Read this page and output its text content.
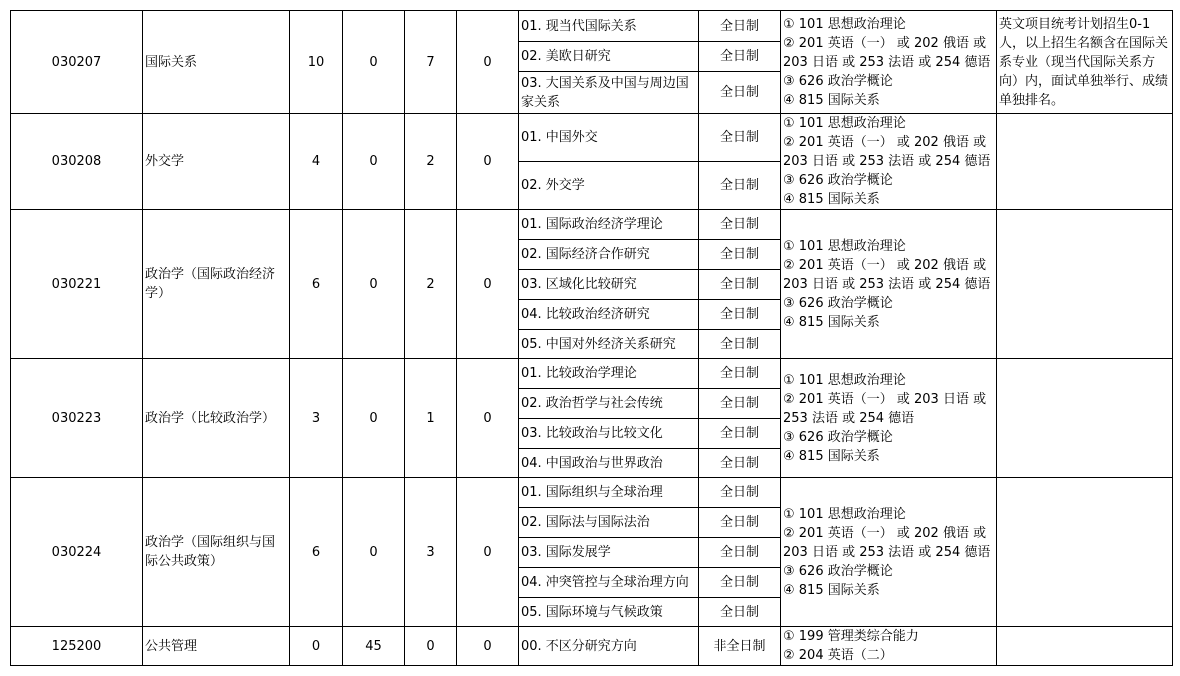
030207	国际关系	10	0	7	0	01. 现当代国际关系	全日制	① 101 思想政治理论
② 201 英语（一） 或 202 俄语 或
203 日语 或 253 法语 或 254 德语
③ 626 政治学概论
④ 815 国际关系	英文项目统考计划招生0-1人，以上招生名额含在国际关系专业（现当代国际关系方向）内，面试单独举行、成绩单独排名。
						02. 美欧日研究	全日制		
						03. 大国关系及中国与周边国家关系	全日制		
030208	外交学	4	0	2	0	01. 中国外交	全日制	① 101 思想政治理论
② 201 英语（一） 或 202 俄语 或
203 日语 或 253 法语 或 254 德语
③ 626 政治学概论
④ 815 国际关系	

						02. 外交学	全日制		
030221	政治学（国际政治经济学）	6	0	2	0	01. 国际政治经济学理论	全日制	① 101 思想政治理论
② 201 英语（一） 或 202 俄语 或
203 日语 或 253 法语 或 254 德语
③ 626 政治学概论
④ 815 国际关系	

						02. 国际经济合作研究	全日制		
						03. 区域化比较研究	全日制		
						04. 比较政治经济研究	全日制		
						05. 中国对外经济关系研究	全日制		
030223	政治学（比较政治学）	3	0	1	0	01. 比较政治学理论	全日制	① 101 思想政治理论
② 201 英语（一） 或 203 日语 或
253 法语 或 254 德语
③ 626 政治学概论
④ 815 国际关系	

						02. 政治哲学与社会传统	全日制		
						03. 比较政治与比较文化	全日制		
						04. 中国政治与世界政治	全日制		
030224	政治学（国际组织与国际公共政策）	6	0	3	0	01. 国际组织与全球治理	全日制	① 101 思想政治理论
② 201 英语（一） 或 202 俄语 或
203 日语 或 253 法语 或 254 德语
③ 626 政治学概论
④ 815 国际关系	

						02. 国际法与国际法治	全日制		
						03. 国际发展学	全日制		
						04. 冲突管控与全球治理方向	全日制		
						05. 国际环境与气候政策	全日制		
125200	公共管理	0	45	0	0	00. 不区分研究方向	非全日制	① 199 管理类综合能力
② 204 英语（二）	
